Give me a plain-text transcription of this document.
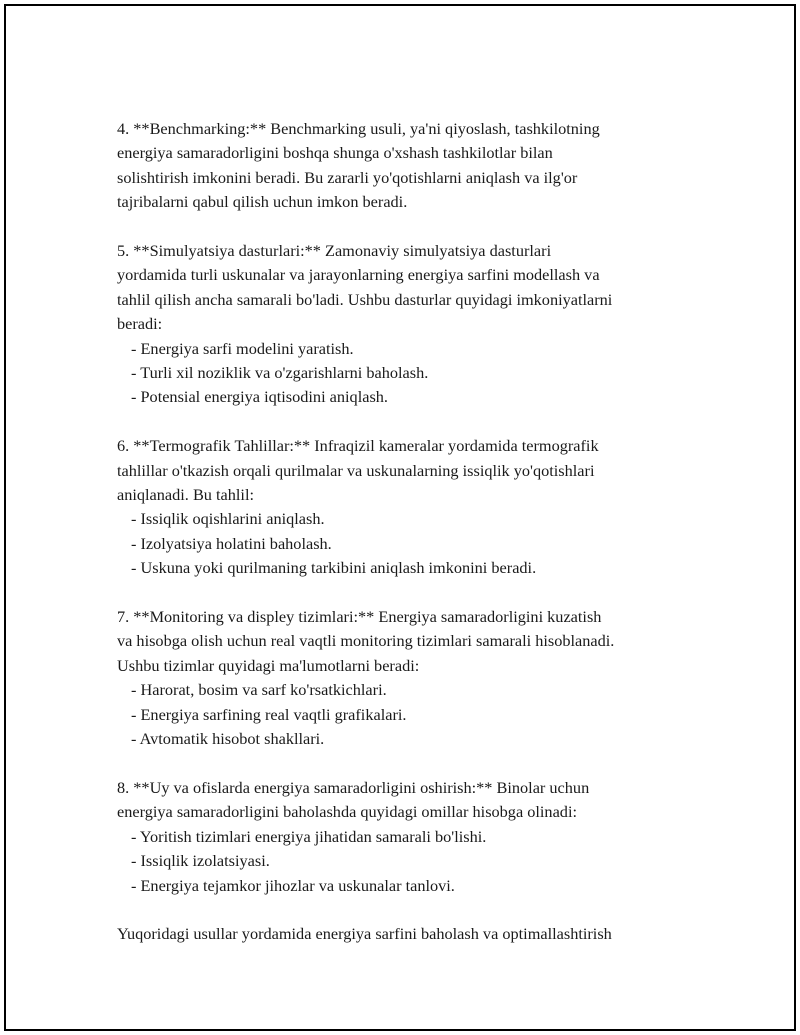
4. **Benchmarking:** Benchmarking usuli, ya'ni qiyoslash, tashkilotning
energiya samaradorligini boshqa shunga o'xshash tashkilotlar bilan
solishtirish imkonini beradi. Bu zararli yo'qotishlarni aniqlash va ilg'or
tajribalarni qabul qilish uchun imkon beradi.
5. **Simulyatsiya dasturlari:** Zamonaviy simulyatsiya dasturlari
yordamida turli uskunalar va jarayonlarning energiya sarfini modellash va
tahlil qilish ancha samarali bo'ladi. Ushbu dasturlar quyidagi imkoniyatlarni
beradi:
- Energiya sarfi modelini yaratish.
- Turli xil noziklik va o'zgarishlarni baholash.
- Potensial energiya iqtisodini aniqlash.
6. **Termografik Tahlillar:** Infraqizil kameralar yordamida termografik
tahlillar o'tkazish orqali qurilmalar va uskunalarning issiqlik yo'qotishlari
aniqlanadi. Bu tahlil:
- Issiqlik oqishlarini aniqlash.
- Izolyatsiya holatini baholash.
- Uskuna yoki qurilmaning tarkibini aniqlash imkonini beradi.
7. **Monitoring va displey tizimlari:** Energiya samaradorligini kuzatish
va hisobga olish uchun real vaqtli monitoring tizimlari samarali hisoblanadi.
Ushbu tizimlar quyidagi ma'lumotlarni beradi:
- Harorat, bosim va sarf ko'rsatkichlari.
- Energiya sarfining real vaqtli grafikalari.
- Avtomatik hisobot shakllari.
8. **Uy va ofislarda energiya samaradorligini oshirish:** Binolar uchun
energiya samaradorligini baholashda quyidagi omillar hisobga olinadi:
- Yoritish tizimlari energiya jihatidan samarali bo'lishi.
- Issiqlik izolatsiyasi.
- Energiya tejamkor jihozlar va uskunalar tanlovi.
Yuqoridagi usullar yordamida energiya sarfini baholash va optimallashtirish
